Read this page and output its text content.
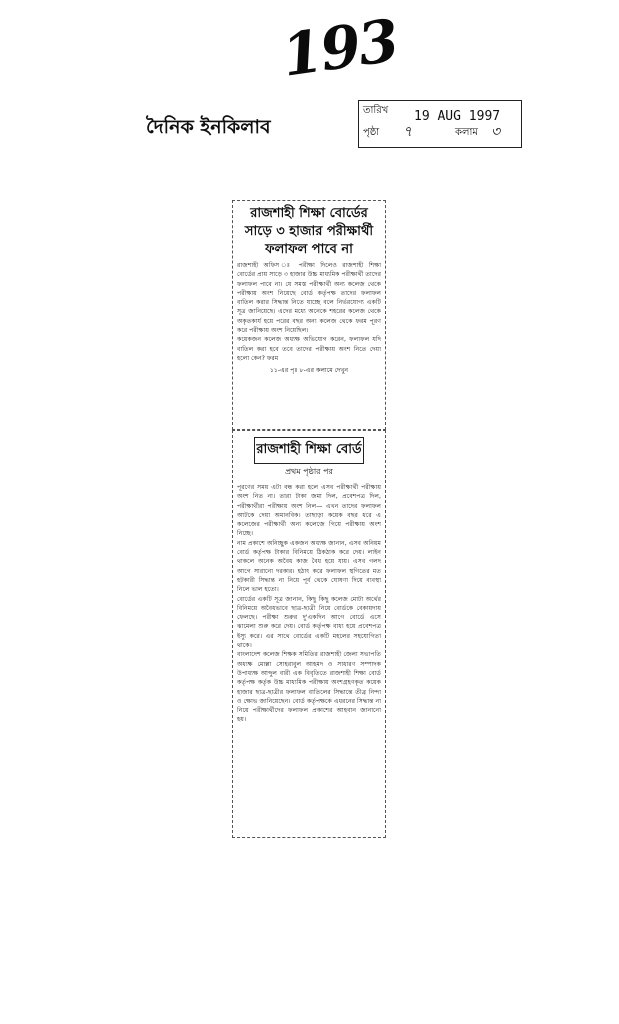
193
দৈনিক ইনকিলাব
তারিখ 19 AUG 1997
পৃষ্ঠা ৭	কলাম ৩
রাজশাহী শিক্ষা বোর্ডের সাড়ে ৩ হাজার পরীক্ষার্থী ফলাফল পাবে না

রাজশাহী অফিস ঃ পরীক্ষা দিলেও রাজশাহী শিক্ষা বোর্ডের প্রায় সাড়ে ৩ হাজার উচ্চ মাধ্যমিক পরীক্ষার্থী তাদের ফলাফল পাবে না। যে সমস্ত পরীক্ষার্থী অন্য কলেজ থেকে পরীক্ষায় অংশ নিয়েছে বোর্ড কর্তৃপক্ষ তাদের ফলাফল বাতিল করার সিদ্ধান্ত নিতে যাচ্ছে বলে নির্ভরযোগ্য একটি সূত্র জানিয়েছে। এদের মধ্যে অনেকে শহরের কলেজ থেকে অকৃতকার্য হয়ে পরের বছর অন্য কলেজ থেকে ফরম পূরণ করে পরীক্ষায় অংশ নিয়েছিল।

কয়েকজন কলেজ অধ্যক্ষ অভিযোগ করেন, ফলাফল যদি বাতিল করা হবে তবে তাদের পরীক্ষায় অংশ নিতে দেয়া হলো কেন? ফরম

১১-এর পৃঃ ৮-এর কলামে দেখুন
রাজশাহী শিক্ষা বোর্ড
প্রথম পৃষ্ঠার পর

পূরণের সময় এটা বন্ধ করা হলে এসব পরীক্ষার্থী পরীক্ষায় অংশ নিত না। তারা টাকা জমা দিল, প্রবেশপত্র দিল, পরীক্ষার্থীরা পরীক্ষায় অংশ নিল— এখন তাদের ফলাফল আটকে দেয়া অমানবিক। তাছাড়া কয়েক বছর ধরে এ কলেজের পরীক্ষার্থী অন্য কলেজে গিয়ে পরীক্ষায় অংশ নিচ্ছে।

নাম প্রকাশে অনিচ্ছুক একজন অধ্যক্ষ জানান, এসব অনিয়ম বোর্ড কর্তৃপক্ষ টাকার বিনিময়ে ঠিকঠাক করে দেয়। লাইন থাকলে অনেক অবৈধ কাজ বৈধ হয়ে যায়। এসব গলদ আগে সারানো দরকার। হঠাৎ করে ফলাফল স্থগিতের মত হটকারী সিদ্ধান্ত না নিয়ে পূর্ব থেকে ঘোষণা দিয়ে ব্যবস্থা নিলে ভাল হতো।

বোর্ডের একটি সূত্র জানান, কিছু কিছু কলেজ মোটা অর্থের বিনিময়ে অবৈধভাবে ছাত্র-ছাত্রী নিয়ে বোর্ডকে বেকায়দায় ফেলছে। পরীক্ষা শুরুর দু'একদিন আগে বোর্ডে এসে ঝামেলা শুরু করে দেয়। বোর্ড কর্তৃপক্ষ বাধ্য হয়ে প্রবেশপত্র ইস্যু করে। এর সাথে বোর্ডের একটি মহলের সহযোগিতা থাকে।

বাংলাদেশ কলেজ শিক্ষক সমিতির রাজশাহী জেলা সভাপতি অধ্যক্ষ মোল্লা সোহরাবুল আহমদ ও সাধারণ সম্পাদক উপাধ্যক্ষ আব্দুল বারী এক বিবৃতিতে রাজশাহী শিক্ষা বোর্ড কর্তৃপক্ষ কর্তৃক উচ্চ মাধ্যমিক পরীক্ষায় অংশগ্রহণকৃত কয়েক হাজার ছাত্র-ছাত্রীর ফলাফল বাতিলের সিদ্ধান্তে তীব্র নিন্দা ও ক্ষোভ জানিয়েছেন। বোর্ড কর্তৃপক্ষকে এধরনের সিদ্ধান্ত না নিয়ে পরীক্ষার্থীদের ফলাফল প্রকাশের আহবান জানানো হয়।
